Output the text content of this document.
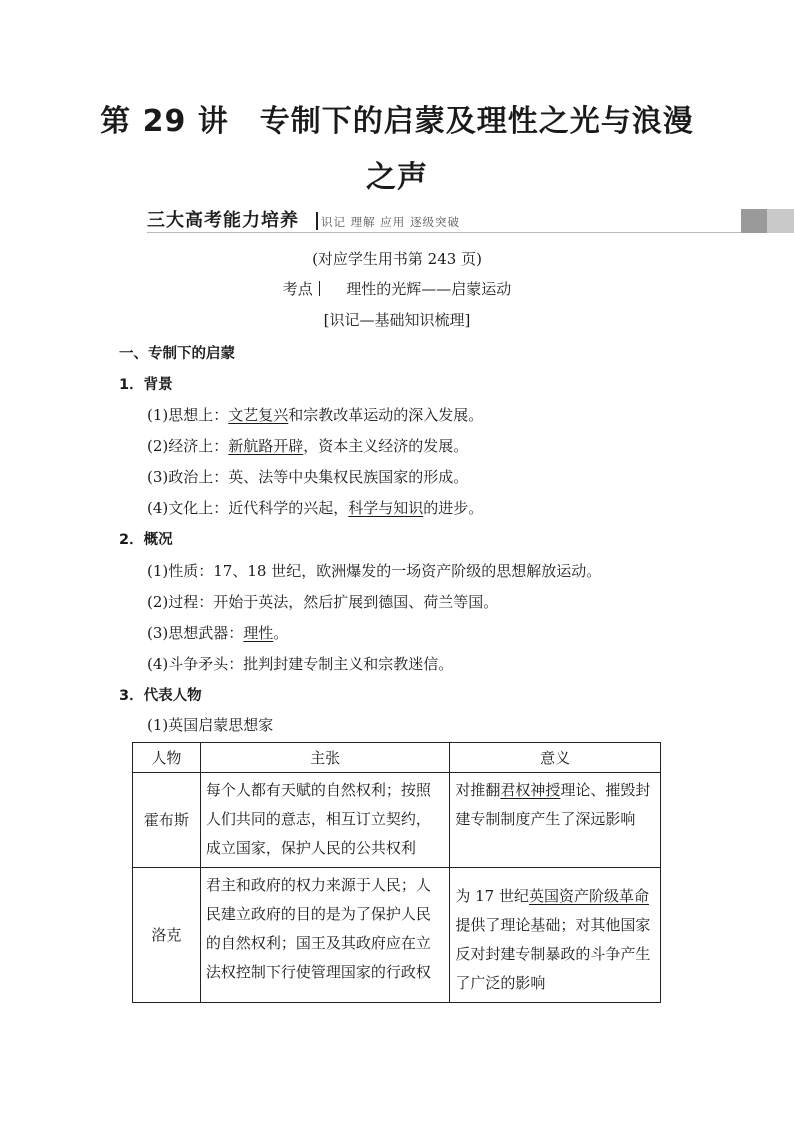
第 29 讲　专制下的启蒙及理性之光与浪漫
之声
三大高考能力培养 识记 理解 应用 逐级突破
(对应学生用书第 243 页)
考点 理性的光辉——启蒙运动
[识记—基础知识梳理]
一、专制下的启蒙
1．背景
(1)思想上：文艺复兴和宗教改革运动的深入发展。
(2)经济上：新航路开辟，资本主义经济的发展。
(3)政治上：英、法等中央集权民族国家的形成。
(4)文化上：近代科学的兴起，科学与知识的进步。
2．概况
(1)性质：17、18 世纪，欧洲爆发的一场资产阶级的思想解放运动。
(2)过程：开始于英法，然后扩展到德国、荷兰等国。
(3)思想武器：理性。
(4)斗争矛头：批判封建专制主义和宗教迷信。
3．代表人物
(1)英国启蒙思想家
人物	主张	意义
霍布斯	每个人都有天赋的自然权利；按照人们共同的意志，相互订立契约，成立国家，保护人民的公共权利	对推翻君权神授理论、摧毁封建专制制度产生了深远影响
洛克	君主和政府的权力来源于人民；人民建立政府的目的是为了保护人民的自然权利；国王及其政府应在立法权控制下行使管理国家的行政权	为 17 世纪英国资产阶级革命提供了理论基础；对其他国家反对封建专制暴政的斗争产生了广泛的影响
